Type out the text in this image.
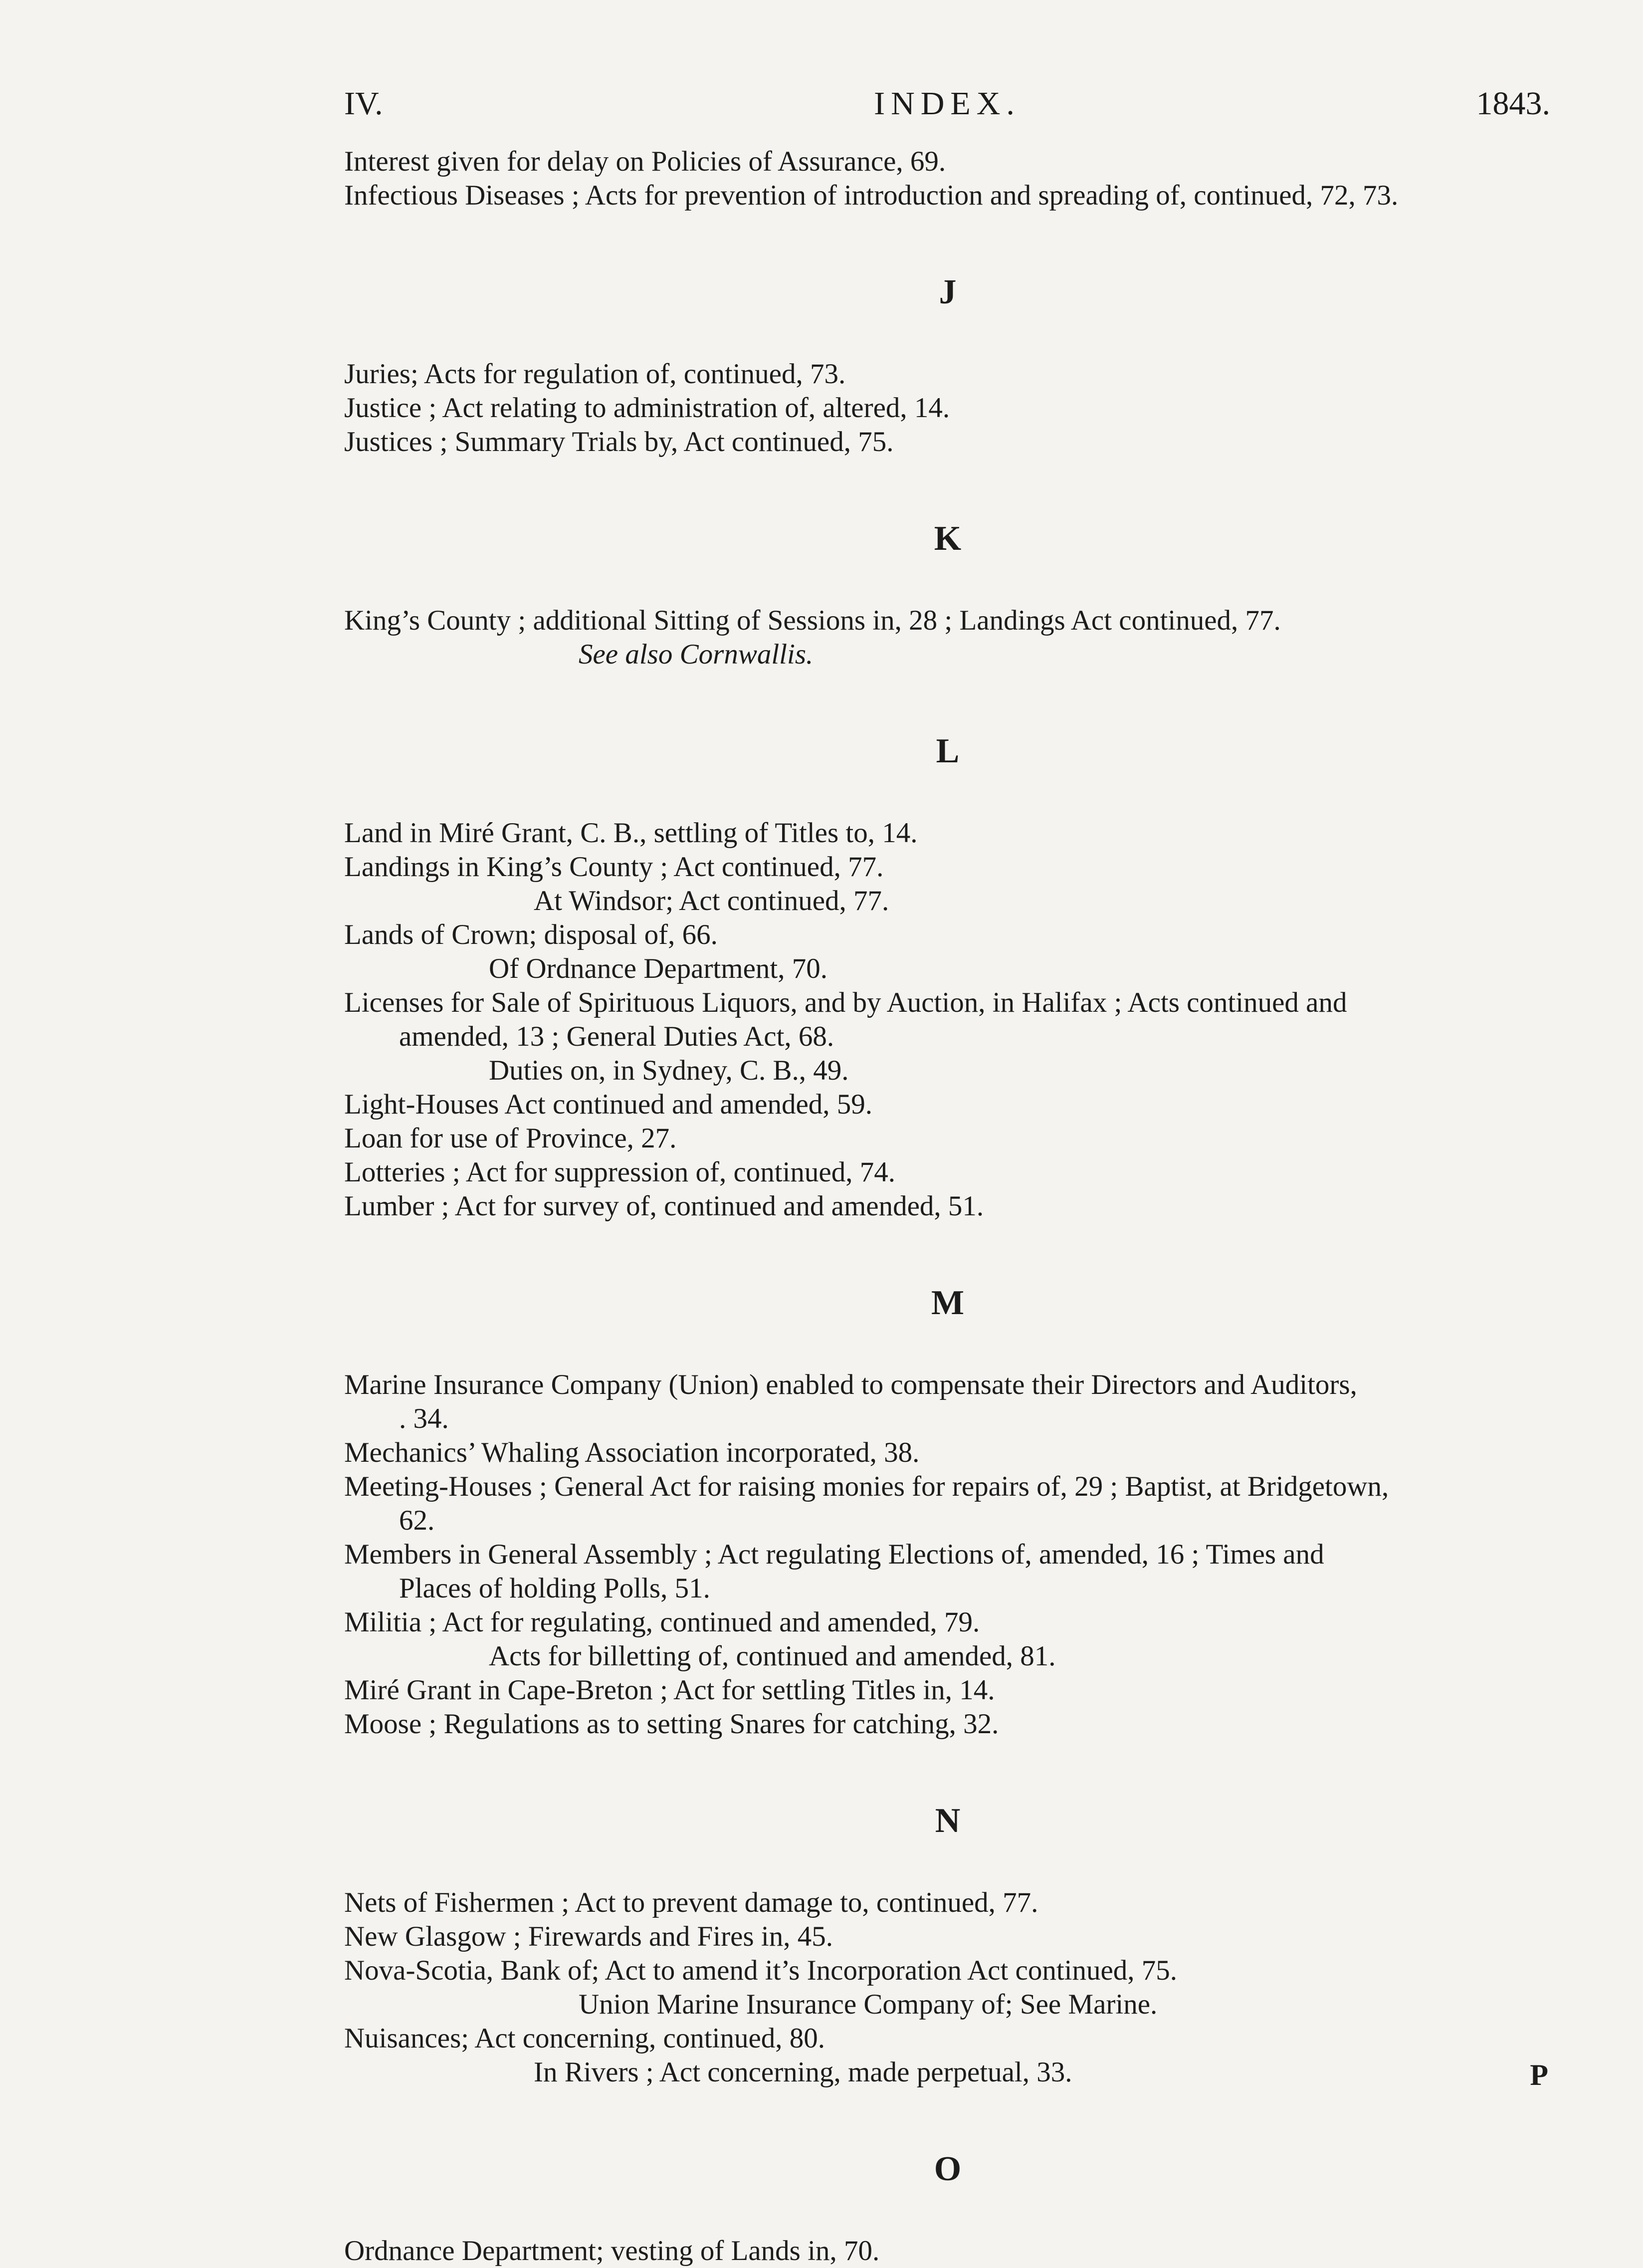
IV.	INDEX.	1843.
Interest given for delay on Policies of Assurance, 69.
Infectious Diseases ; Acts for prevention of introduction and spreading of, continued, 72, 73.
J
Juries; Acts for regulation of, continued, 73.
Justice ; Act relating to administration of, altered, 14.
Justices ; Summary Trials by, Act continued, 75.
K
King’s County ; additional Sitting of Sessions in, 28 ; Landings Act continued, 77.
See also Cornwallis.
L
Land in Miré Grant, C. B., settling of Titles to, 14.
Landings in King’s County ; Act continued, 77.
At Windsor; Act continued, 77.
Lands of Crown; disposal of, 66.
Of Ordnance Department, 70.
Licenses for Sale of Spirituous Liquors, and by Auction, in Halifax ; Acts continued and
amended, 13 ; General Duties Act, 68.
Duties on, in Sydney, C. B., 49.
Light-Houses Act continued and amended, 59.
Loan for use of Province, 27.
Lotteries ; Act for suppression of, continued, 74.
Lumber ; Act for survey of, continued and amended, 51.
M
Marine Insurance Company (Union) enabled to compensate their Directors and Auditors,
. 34.
Mechanics’ Whaling Association incorporated, 38.
Meeting-Houses ; General Act for raising monies for repairs of, 29 ; Baptist, at Bridgetown,
62.
Members in General Assembly ; Act regulating Elections of, amended, 16 ; Times and
Places of holding Polls, 51.
Militia ; Act for regulating, continued and amended, 79.
Acts for billetting of, continued and amended, 81.
Miré Grant in Cape-Breton ; Act for settling Titles in, 14.
Moose ; Regulations as to setting Snares for catching, 32.
N
Nets of Fishermen ; Act to prevent damage to, continued, 77.
New Glasgow ; Firewards and Fires in, 45.
Nova-Scotia, Bank of; Act to amend it’s Incorporation Act continued, 75.
Union Marine Insurance Company of; See Marine.
Nuisances; Act concerning, continued, 80.
In Rivers ; Act concerning, made perpetual, 33.
O
Ordnance Department; vesting of Lands in, 70.
P
